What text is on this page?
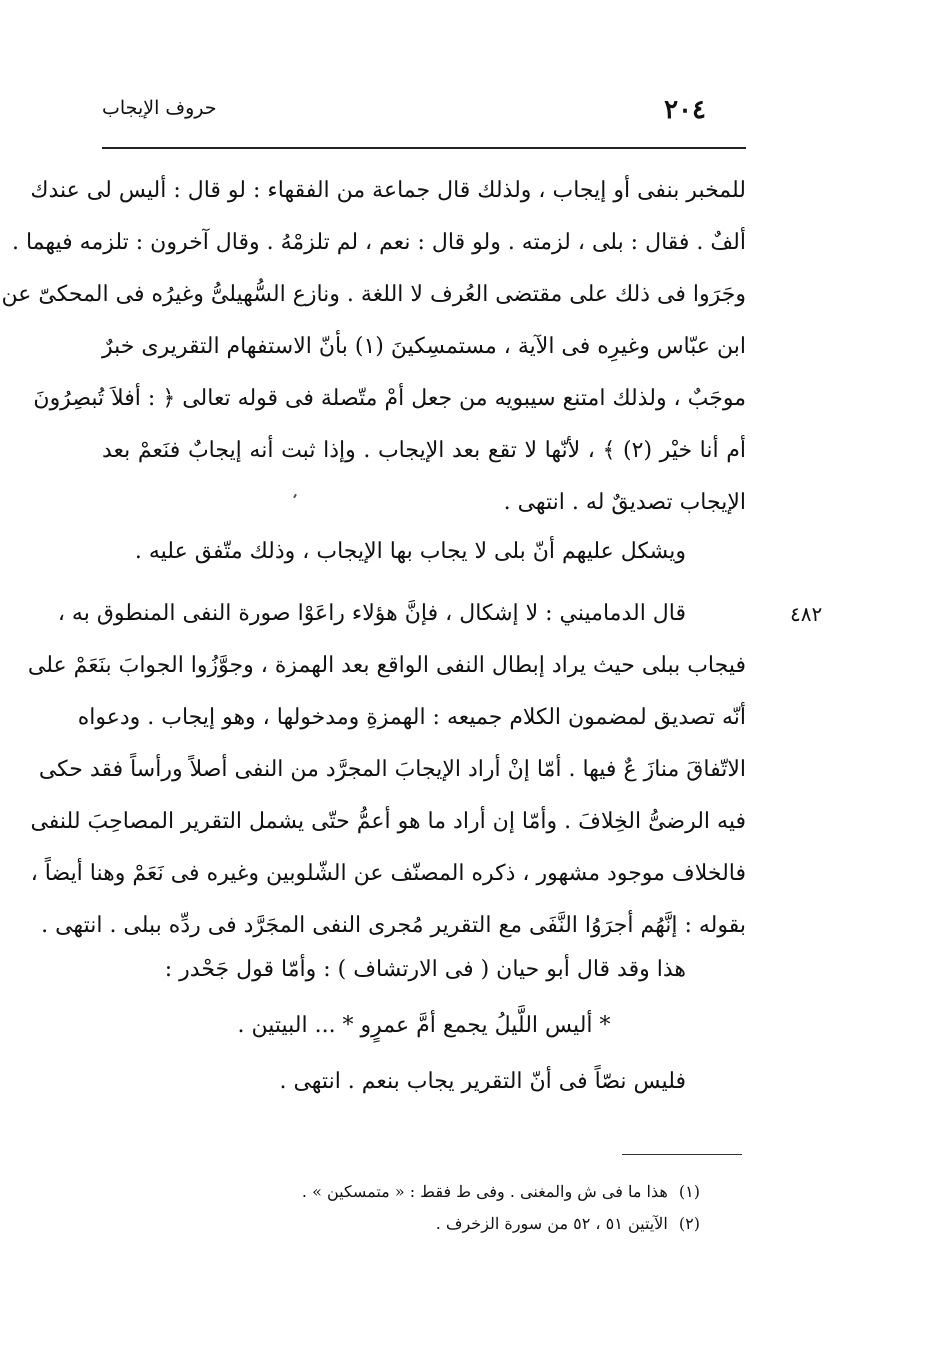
٢٠٤
حروف الإيجاب
للمخبر بنفى أو إيجاب ، ولذلك قال جماعة من الفقهاء : لو قال : أليس لى عندك
ألفٌ . فقال : بلى ، لزمته . ولو قال : نعم ، لم تلزمْهُ . وقال آخرون : تلزمه فيهما .
وجَرَوا فى ذلك على مقتضى العُرف لا اللغة . ونازع السُّهيلىُّ وغيرُه فى المحكىّ عن
ابن عبّاس وغيرِه فى الآية ، مستمسِكينَ (١) بأنّ الاستفهام التقريرى خبرٌ
موجَبٌ ، ولذلك امتنع سيبويه من جعل أمْ متّصلة فى قوله تعالى ﴿ : أفلاَ تُبصِرُونَ
أم أنا خيْر (٢) ﴾ ، لأنّها لا تقع بعد الإيجاب . وإذا ثبت أنه إيجابٌ فنَعمْ بعد
الإيجاب تصديقٌ له . انتهى .
ويشكل عليهم أنّ بلى لا يجاب بها الإيجاب ، وذلك متّفق عليه .
٤٨٢
قال الدماميني : لا إشكال ، فإنَّ هؤلاء راعَوْا صورة النفى المنطوق به ،
فيجاب ببلى حيث يراد إبطال النفى الواقع بعد الهمزة ، وجوَّزُوا الجوابَ بنَعَمْ على
أنّه تصديق لمضمون الكلام جميعه : الهمزةِ ومدخولها ، وهو إيجاب . ودعواه
الاتّفاقَ منازَ عٌ فيها . أمّا إنْ أراد الإيجابَ المجرَّد من النفى أصلاً ورأساً فقد حكى
فيه الرضىُّ الخِلافَ . وأمّا إن أراد ما هو أعمُّ حتّى يشمل التقرير المصاحِبَ للنفى
فالخلاف موجود مشهور ، ذكره المصنّف عن الشّلوبين وغيره فى نَعَمْ وهنا أيضاً ،
بقوله : إنَّهُم أجرَوُا النَّفَى مع التقرير مُجرى النفى المجَرَّد فى ردِّه ببلى . انتهى .
هذا وقد قال أبو حيان ( فى الارتشاف ) : وأمّا قول جَحْدر :
* أليس اللَّيلُ يجمع أمَّ عمرٍو * ... البيتين .
فليس نصّاً فى أنّ التقرير يجاب بنعم . انتهى .
(١) هذا ما فى ش والمغنى . وفى ط فقط : « متمسكين » .
(٢) الآيتين ٥١ ، ٥٢ من سورة الزخرف .
